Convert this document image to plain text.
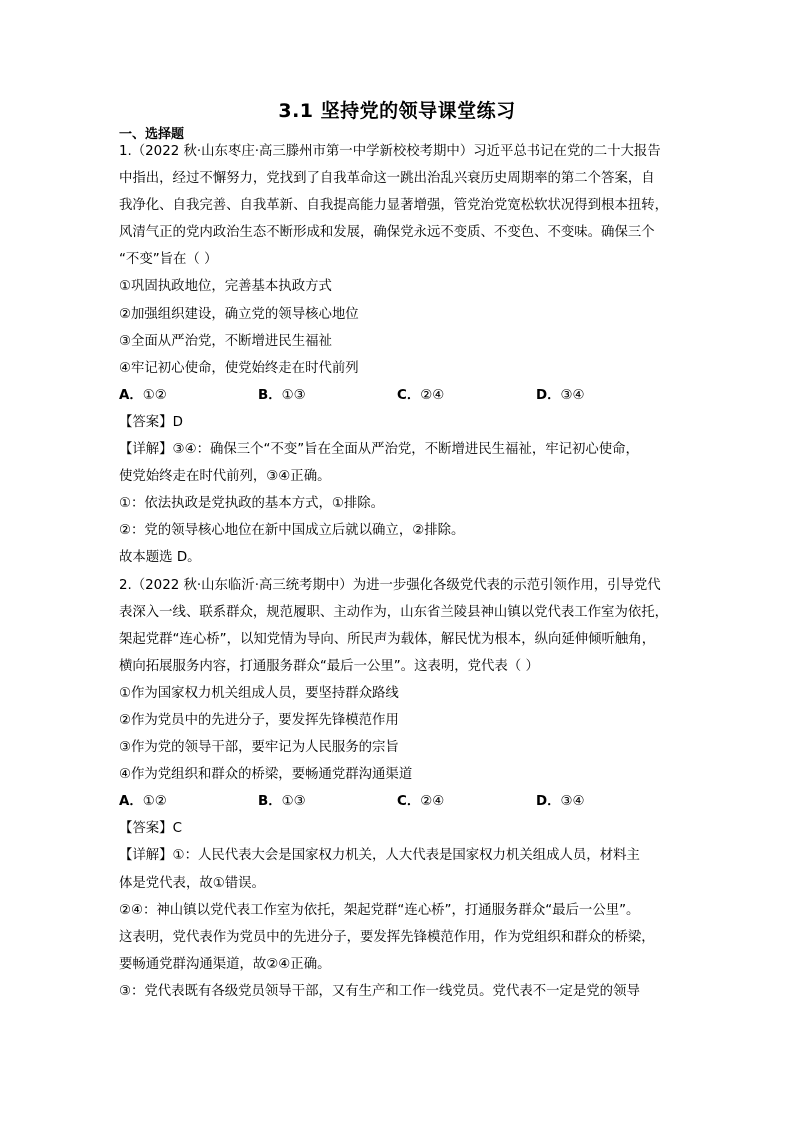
3.1 坚持党的领导课堂练习
一、选择题
1.（2022 秋·山东枣庄·高三滕州市第一中学新校校考期中）习近平总书记在党的二十大报告
中指出，经过不懈努力，党找到了自我革命这一跳出治乱兴衰历史周期率的第二个答案，自
我净化、自我完善、自我革新、自我提高能力显著增强，管党治党宽松软状况得到根本扭转，
风清气正的党内政治生态不断形成和发展，确保党永远不变质、不变色、不变味。确保三个
“不变”旨在（ ）
①巩固执政地位，完善基本执政方式
②加强组织建设，确立党的领导核心地位
③全面从严治党，不断增进民生福祉
④牢记初心使命，使党始终走在时代前列
A．①②	B．①③	C．②④	D．③④
【答案】D
【详解】③④：确保三个“不变”旨在全面从严治党，不断增进民生福祉，牢记初心使命，
使党始终走在时代前列，③④正确。
①：依法执政是党执政的基本方式，①排除。
②：党的领导核心地位在新中国成立后就以确立，②排除。
故本题选 D。
2.（2022 秋·山东临沂·高三统考期中）为进一步强化各级党代表的示范引领作用，引导党代
表深入一线、联系群众，规范履职、主动作为，山东省兰陵县神山镇以党代表工作室为依托，
架起党群“连心桥”，以知党情为导向、所民声为载体，解民忧为根本，纵向延伸倾听触角，
横向拓展服务内容，打通服务群众“最后一公里”。这表明，党代表（ ）
①作为国家权力机关组成人员，要坚持群众路线
②作为党员中的先进分子，要发挥先锋模范作用
③作为党的领导干部，要牢记为人民服务的宗旨
④作为党组织和群众的桥梁，要畅通党群沟通渠道
A．①②	B．①③	C．②④	D．③④
【答案】C
【详解】①：人民代表大会是国家权力机关，人大代表是国家权力机关组成人员，材料主
体是党代表，故①错误。
②④：神山镇以党代表工作室为依托，架起党群“连心桥”，打通服务群众“最后一公里”。
这表明，党代表作为党员中的先进分子，要发挥先锋模范作用，作为党组织和群众的桥梁，
要畅通党群沟通渠道，故②④正确。
③：党代表既有各级党员领导干部，又有生产和工作一线党员。党代表不一定是党的领导
